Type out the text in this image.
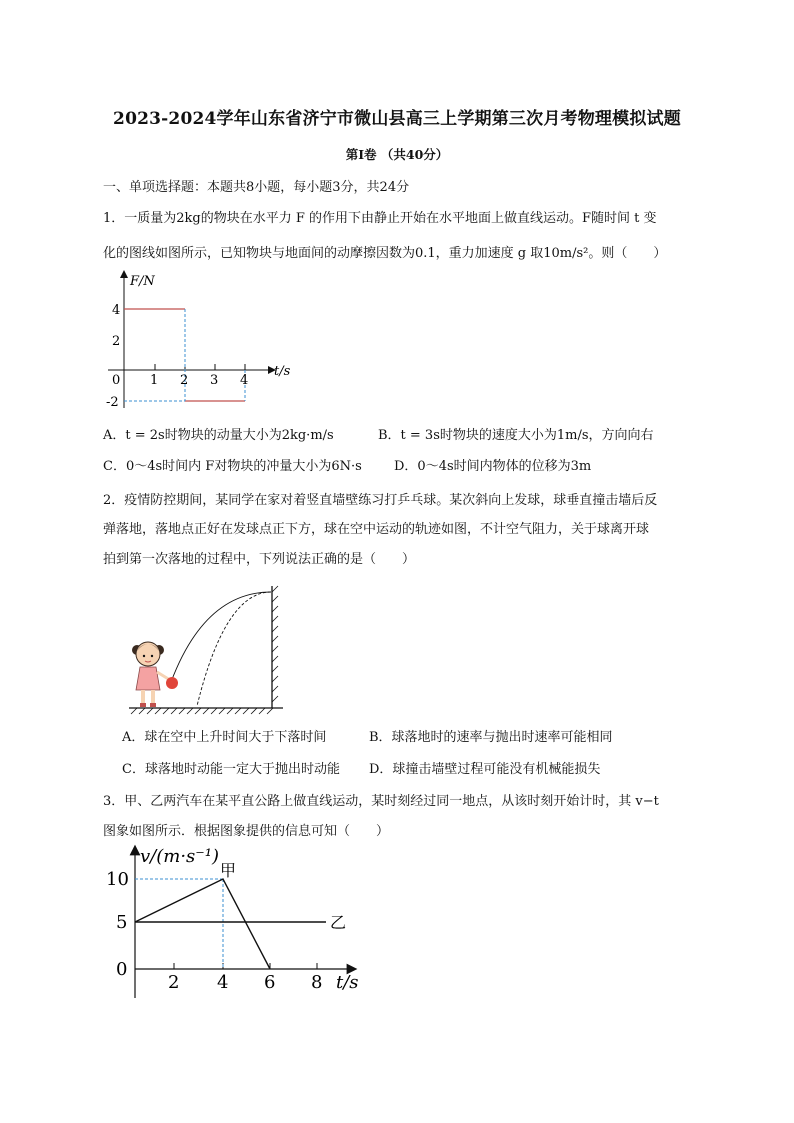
2023-2024学年山东省济宁市微山县高三上学期第三次月考物理模拟试题
第Ⅰ卷 （共40分）
一、单项选择题：本题共8小题，每小题3分，共24分
1．一质量为2kg的物块在水平力 F 的作用下由静止开始在水平地面上做直线运动。F随时间 t 变
化的图线如图所示，已知物块与地面间的动摩擦因数为0.1，重力加速度 g 取10m/s²。则（　　）
F/N
t/s
4
2
0
-2
1 2 3 4
A．t = 2s时物块的动量大小为2kg·m/s	B．t = 3s时物块的速度大小为1m/s，方向向右
C．0～4s时间内 F对物块的冲量大小为6N·s D．0～4s时间内物体的位移为3m
2．疫情防控期间，某同学在家对着竖直墙壁练习打乒乓球。某次斜向上发球，球垂直撞击墙后反
弹落地，落地点正好在发球点正下方，球在空中运动的轨迹如图，不计空气阻力，关于球离开球
拍到第一次落地的过程中，下列说法正确的是（　　）
A．球在空中上升时间大于下落时间	B．球落地时的速率与抛出时速率可能相同
C．球落地时动能一定大于抛出时动能 D．球撞击墙壁过程可能没有机械能损失
3．甲、乙两汽车在某平直公路上做直线运动，某时刻经过同一地点，从该时刻开始计时，其 v−t
图象如图所示．根据图象提供的信息可知（　　）
v/(m·s⁻¹)
t/s
10
5
0
2 4 6 8
甲
乙
